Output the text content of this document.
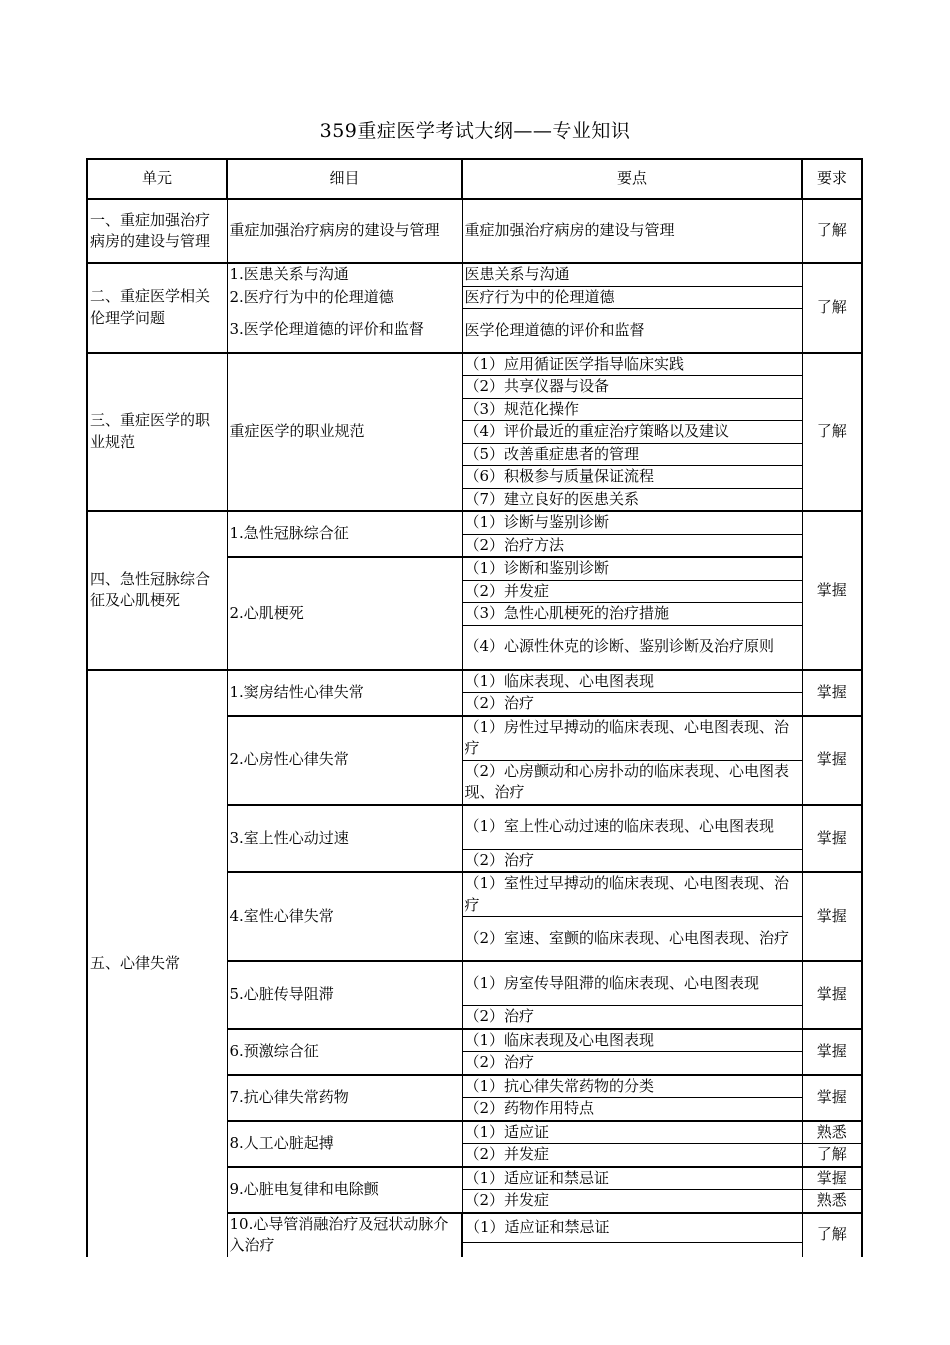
359重症医学考试大纲——专业知识
单元	细目	要点	要求
一、重症加强治疗病房的建设与管理	重症加强治疗病房的建设与管理	重症加强治疗病房的建设与管理	了解
二、重症医学相关伦理学问题	1.医患关系与沟通	医患关系与沟通	了解
	2.医疗行为中的伦理道德	医疗行为中的伦理道德	
	3.医学伦理道德的评价和监督	医学伦理道德的评价和监督	
三、重症医学的职业规范	重症医学的职业规范	（1）应用循证医学指导临床实践	了解
		（2）共享仪器与设备	
		（3）规范化操作	
		（4）评价最近的重症治疗策略以及建议	
		（5）改善重症患者的管理	
		（6）积极参与质量保证流程	
		（7）建立良好的医患关系	
四、急性冠脉综合征及心肌梗死	1.急性冠脉综合征	（1）诊断与鉴别诊断	掌握
		（2）治疗方法	
	2.心肌梗死	（1）诊断和鉴别诊断	
		（2）并发症	
		（3）急性心肌梗死的治疗措施	
		（4）心源性休克的诊断、鉴别诊断及治疗原则	
五、心律失常	1.窦房结性心律失常	（1）临床表现、心电图表现	掌握
		（2）治疗	
	2.心房性心律失常	（1）房性过早搏动的临床表现、心电图表现、治疗	掌握
		（2）心房颤动和心房扑动的临床表现、心电图表现、治疗	
	3.室上性心动过速	（1）室上性心动过速的临床表现、心电图表现	掌握
		（2）治疗	
	4.室性心律失常	（1）室性过早搏动的临床表现、心电图表现、治疗	掌握
		（2）室速、室颤的临床表现、心电图表现、治疗	
	5.心脏传导阻滞	（1）房室传导阻滞的临床表现、心电图表现	掌握
		（2）治疗	
	6.预激综合征	（1）临床表现及心电图表现	掌握
		（2）治疗	
	7.抗心律失常药物	（1）抗心律失常药物的分类	掌握
		（2）药物作用特点	
	8.人工心脏起搏	（1）适应证	熟悉
		（2）并发症	了解
	9.心脏电复律和电除颤	（1）适应证和禁忌证	掌握
		（2）并发症	熟悉
	10.心导管消融治疗及冠状动脉介入治疗	（1）适应证和禁忌证	了解
